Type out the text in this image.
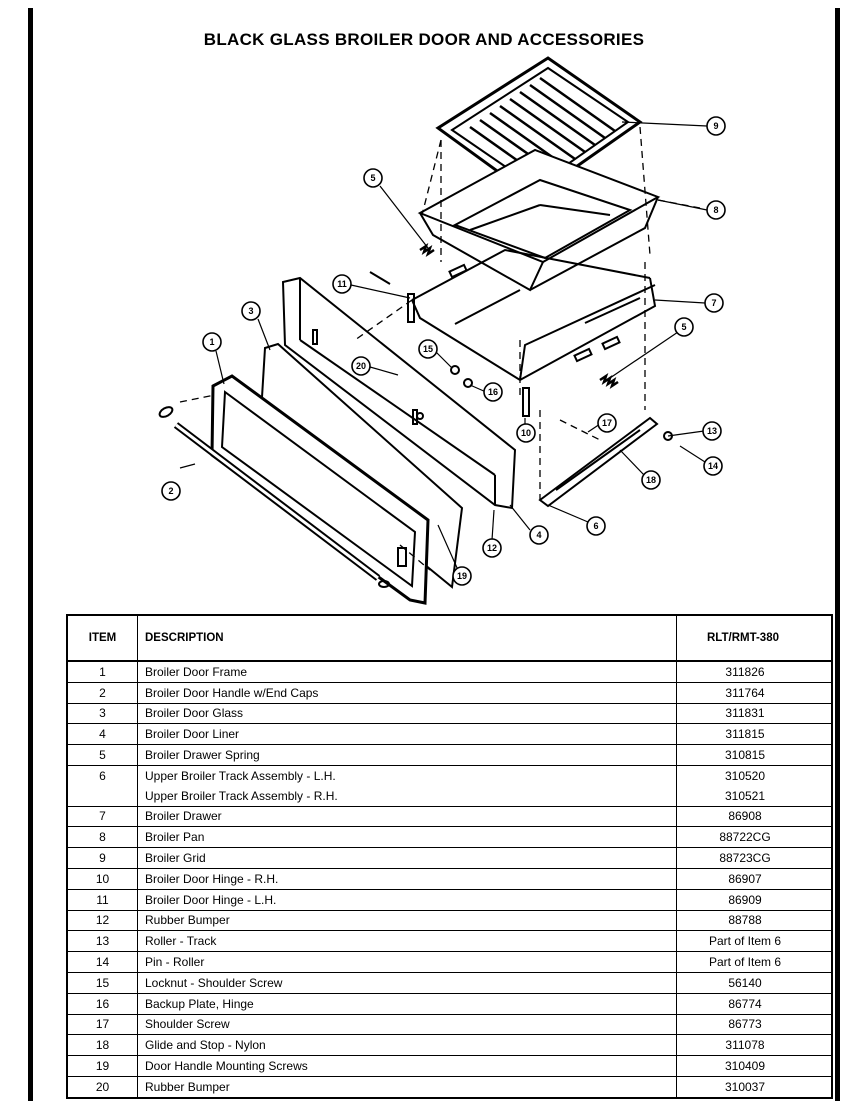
BLACK GLASS BROILER DOOR AND ACCESSORIES
9
8
5
11
7
3
1
20
15
16
5
17
10	13
14
18
2
12
4
6
19
ITEM	DESCRIPTION	RLT/RMT-380
1	Broiler Door Frame	311826
2	Broiler Door Handle w/End Caps	311764
3	Broiler Door Glass	311831
4	Broiler Door Liner	311815
5	Broiler Drawer Spring	310815
6	Upper Broiler Track Assembly - L.H.	310520
	Upper Broiler Track Assembly - R.H.	310521
7	Broiler Drawer	86908
8	Broiler Pan	88722CG
9	Broiler Grid	88723CG
10	Broiler Door Hinge - R.H.	86907
11	Broiler Door Hinge - L.H.	86909
12	Rubber Bumper	88788
13	Roller - Track	Part of Item 6
14	Pin - Roller	Part of Item 6
15	Locknut - Shoulder Screw	56140
16	Backup Plate, Hinge	86774
17	Shoulder Screw	86773
18	Glide and Stop - Nylon	311078
19	Door Handle Mounting Screws	310409
20	Rubber Bumper	310037
